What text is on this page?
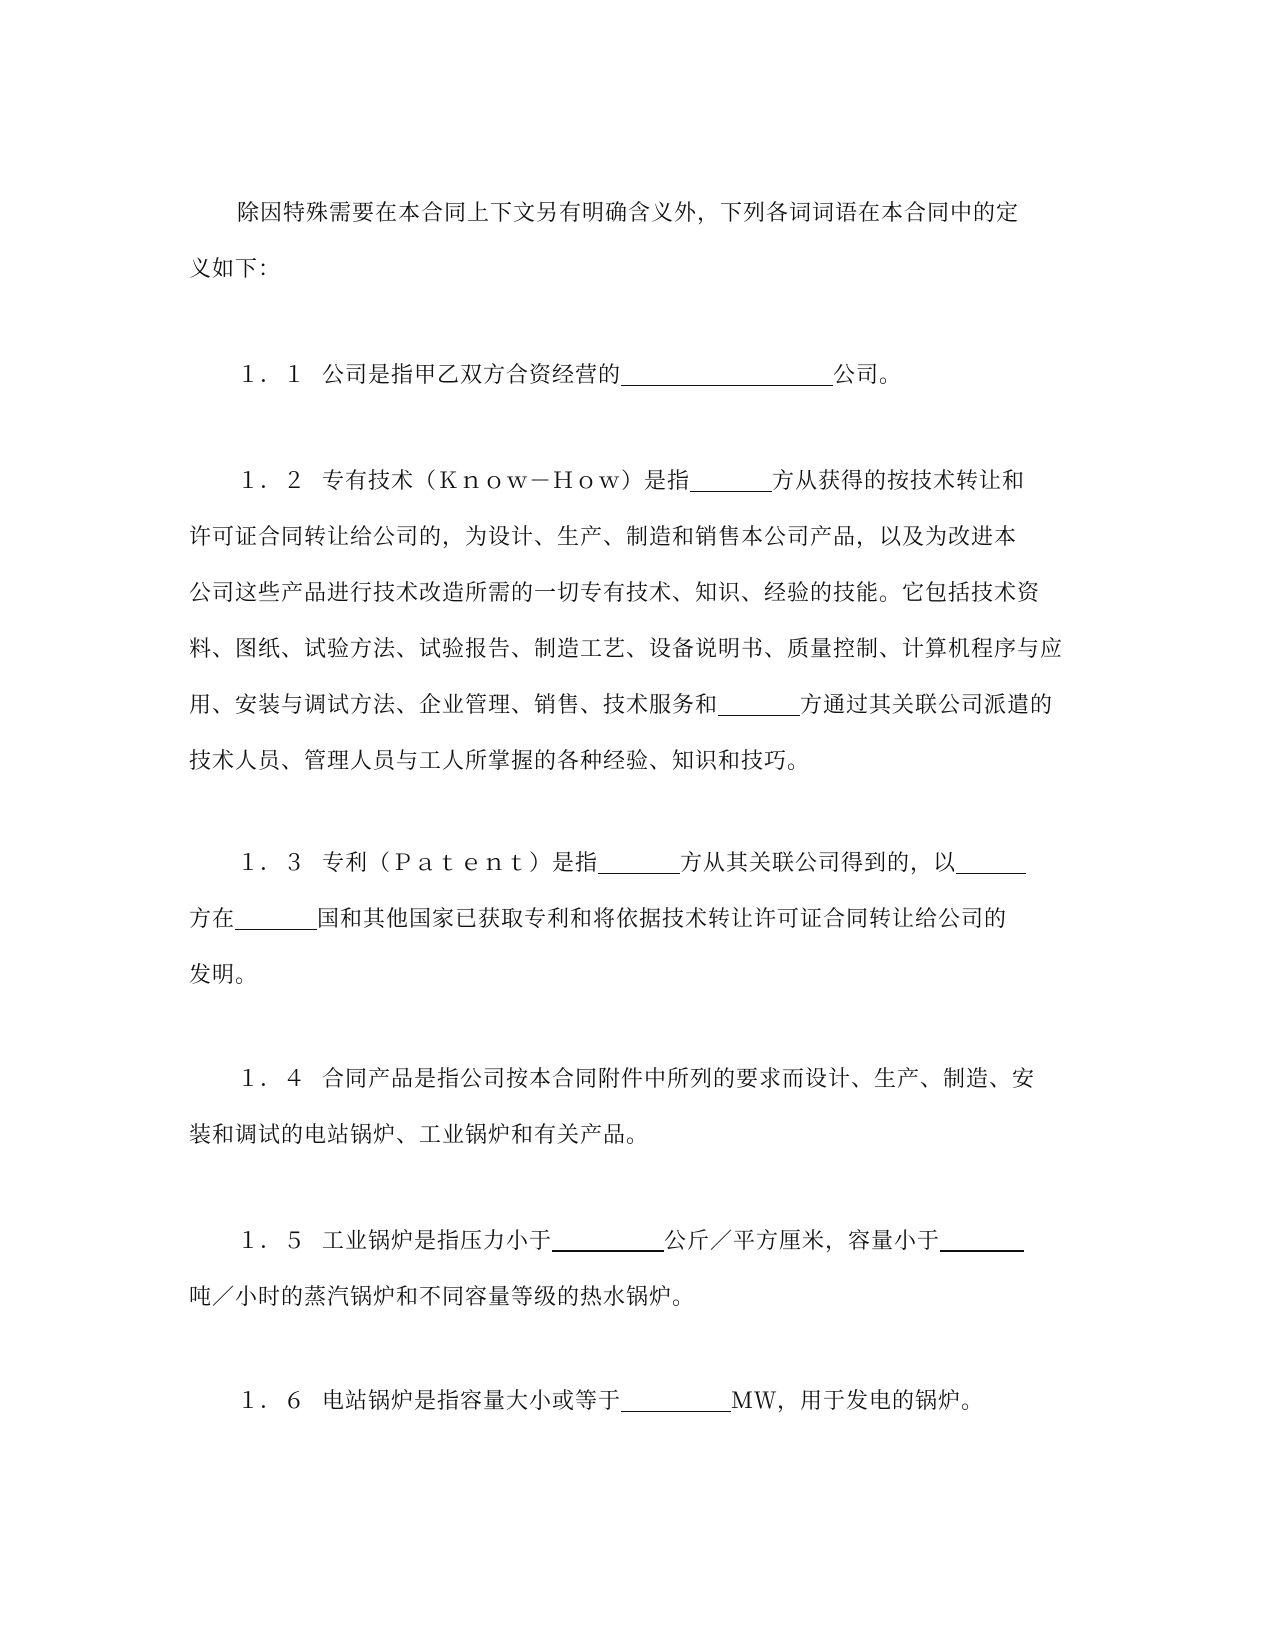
除因特殊需要在本合同上下文另有明确含义外，下列各词词语在本合同中的定
义如下：
１．１ 公司是指甲乙双方合资经营的	公司。
１．２ 专有技术（Ｋｎｏｗ－Ｈｏｗ）是指	方从获得的按技术转让和
许可证合同转让给公司的，为设计、生产、制造和销售本公司产品，以及为改进本
公司这些产品进行技术改造所需的一切专有技术、知识、经验的技能。它包括技术资
料、图纸、试验方法、试验报告、制造工艺、设备说明书、质量控制、计算机程序与应
用、安装与调试方法、企业管理、销售、技术服务和	方通过其关联公司派遣的
技术人员、管理人员与工人所掌握的各种经验、知识和技巧。
１．３ 专利（Ｐａｔｅｎｔ）是指	方从其关联公司得到的，以
方在	国和其他国家已获取专利和将依据技术转让许可证合同转让给公司的
发明。
１．４ 合同产品是指公司按本合同附件中所列的要求而设计、生产、制造、安
装和调试的电站锅炉、工业锅炉和有关产品。
１．５ 工业锅炉是指压力小于	公斤／平方厘米，容量小于
吨／小时的蒸汽锅炉和不同容量等级的热水锅炉。
１．６ 电站锅炉是指容量大小或等于	ＭＷ，用于发电的锅炉。
